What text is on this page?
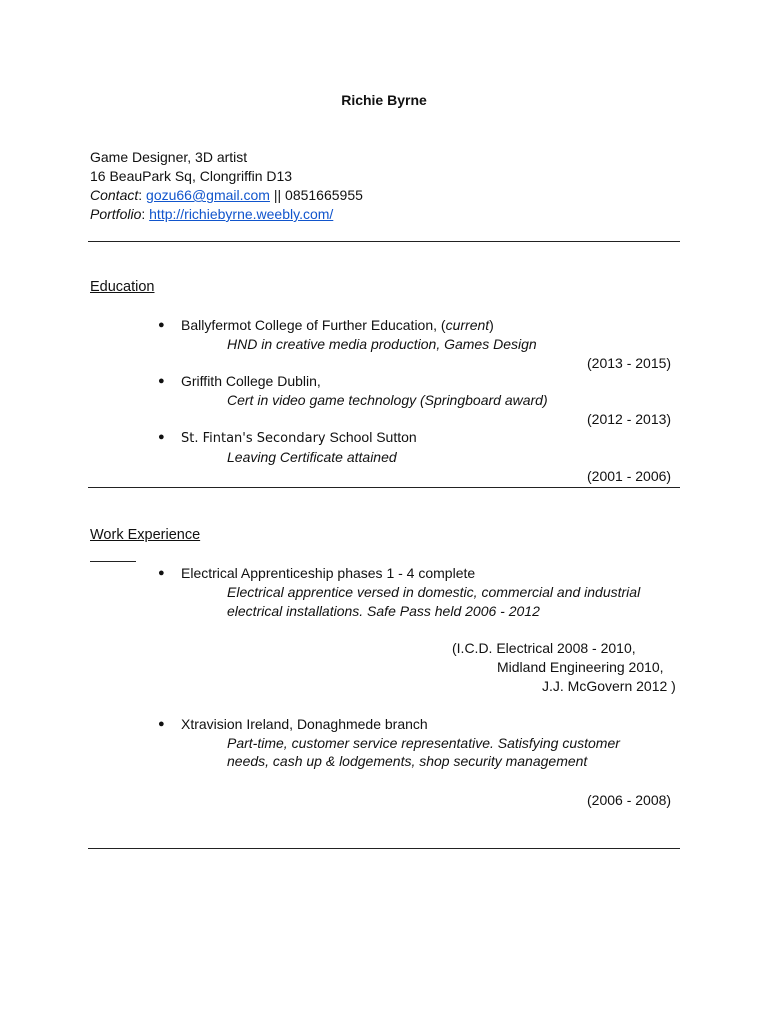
Richie Byrne
Game Designer, 3D artist
16 BeauPark Sq, Clongriffin D13
Contact: gozu66@gmail.com || 0851665955
Portfolio: http://richiebyrne.weebly.com/
Education
● Ballyfermot College of Further Education, (current)
HND in creative media production, Games Design
(2013 - 2015)
● Griffith College Dublin,
Cert in video game technology (Springboard award)
(2012 - 2013)
● St. Fintan's Secondary School Sutton
Leaving Certificate attained
(2001 - 2006)
Work Experience
● Electrical Apprenticeship phases 1 - 4 complete
Electrical apprentice versed in domestic, commercial and industrial
electrical installations. Safe Pass held 2006 - 2012
(I.C.D. Electrical 2008 - 2010,
Midland Engineering 2010,
J.J. McGovern 2012 )
● Xtravision Ireland, Donaghmede branch
Part-time, customer service representative. Satisfying customer
needs, cash up & lodgements, shop security management
(2006 - 2008)
